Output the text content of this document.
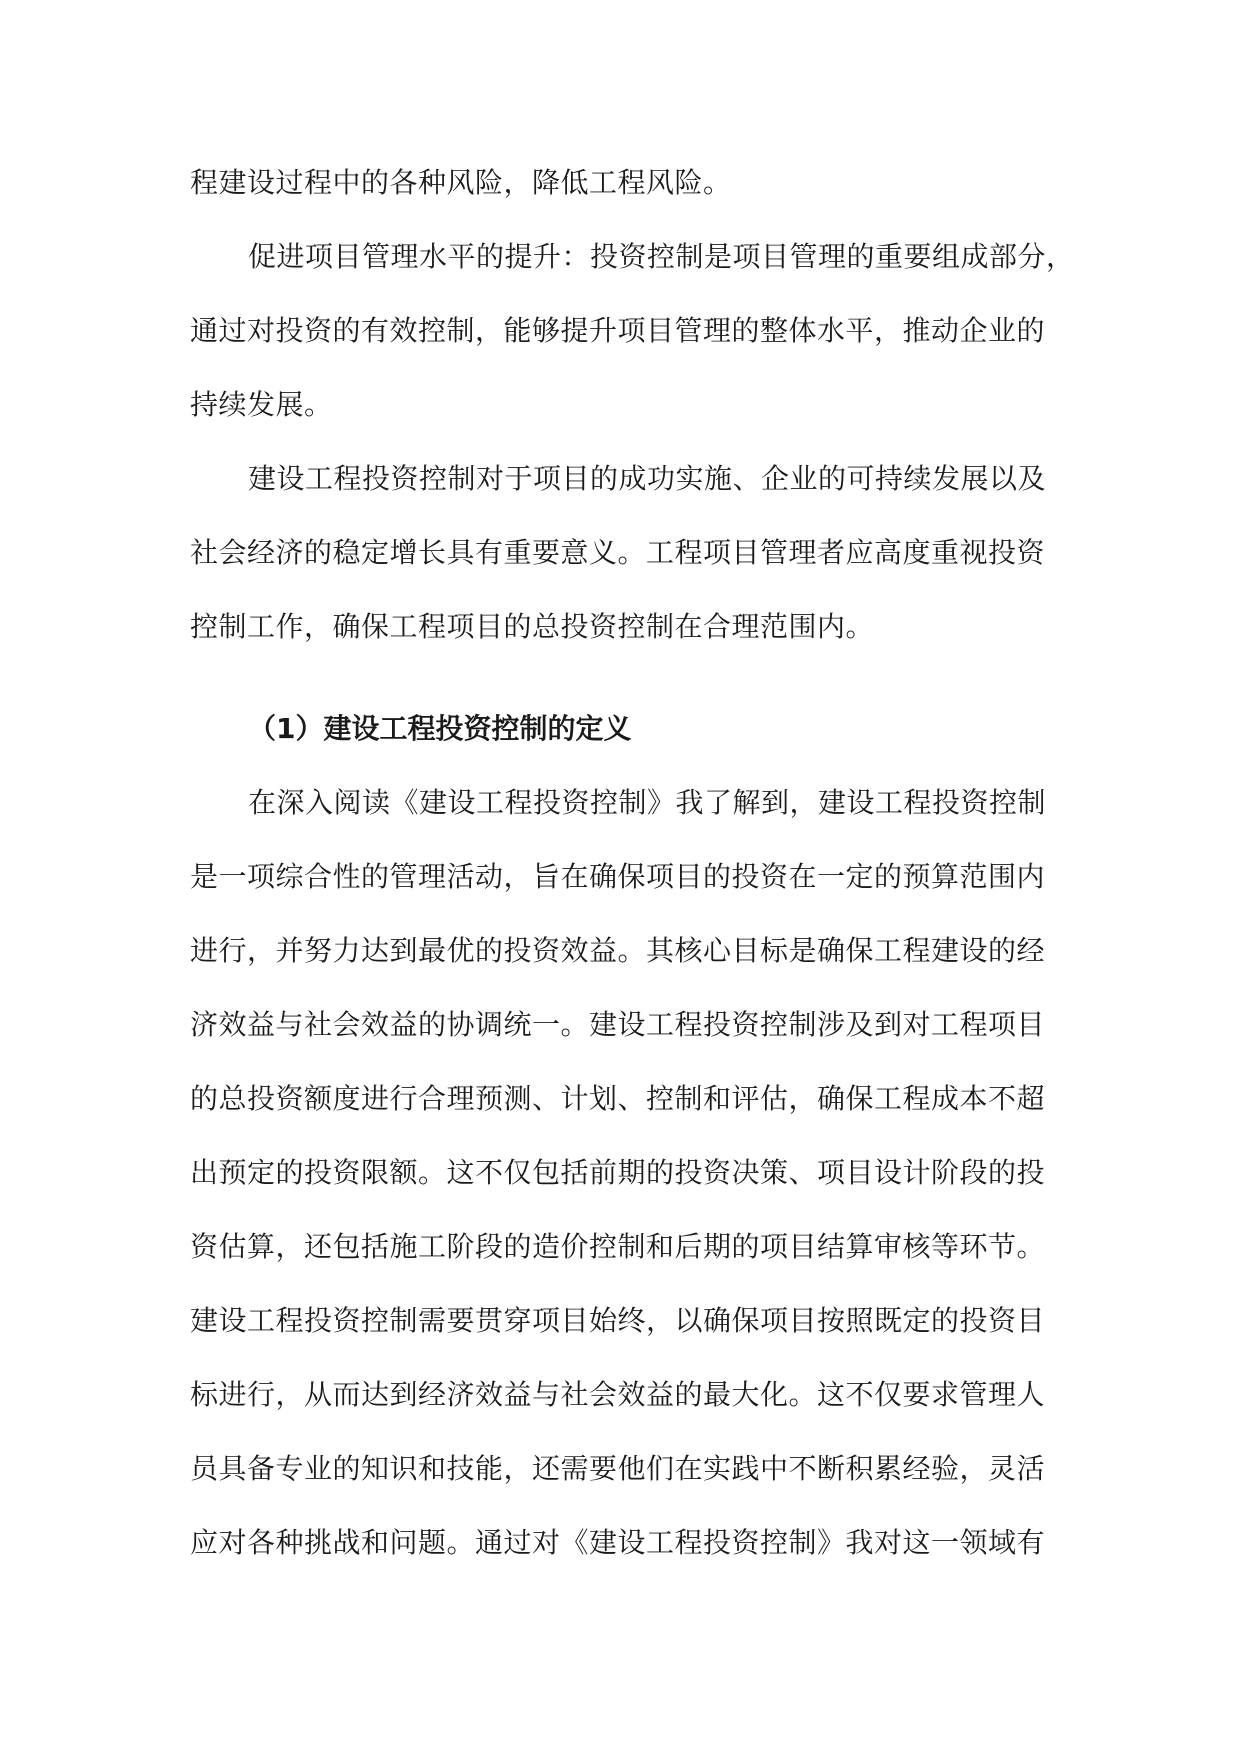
程建设过程中的各种风险，降低工程风险。
促进项目管理水平的提升：投资控制是项目管理的重要组成部分，
通过对投资的有效控制，能够提升项目管理的整体水平，推动企业的
持续发展。
建设工程投资控制对于项目的成功实施、企业的可持续发展以及
社会经济的稳定增长具有重要意义。工程项目管理者应高度重视投资
控制工作，确保工程项目的总投资控制在合理范围内。
（1）建设工程投资控制的定义
在深入阅读《建设工程投资控制》我了解到，建设工程投资控制
是一项综合性的管理活动，旨在确保项目的投资在一定的预算范围内
进行，并努力达到最优的投资效益。其核心目标是确保工程建设的经
济效益与社会效益的协调统一。建设工程投资控制涉及到对工程项目
的总投资额度进行合理预测、计划、控制和评估，确保工程成本不超
出预定的投资限额。这不仅包括前期的投资决策、项目设计阶段的投
资估算，还包括施工阶段的造价控制和后期的项目结算审核等环节。
建设工程投资控制需要贯穿项目始终，以确保项目按照既定的投资目
标进行，从而达到经济效益与社会效益的最大化。这不仅要求管理人
员具备专业的知识和技能，还需要他们在实践中不断积累经验，灵活
应对各种挑战和问题。通过对《建设工程投资控制》我对这一领域有
